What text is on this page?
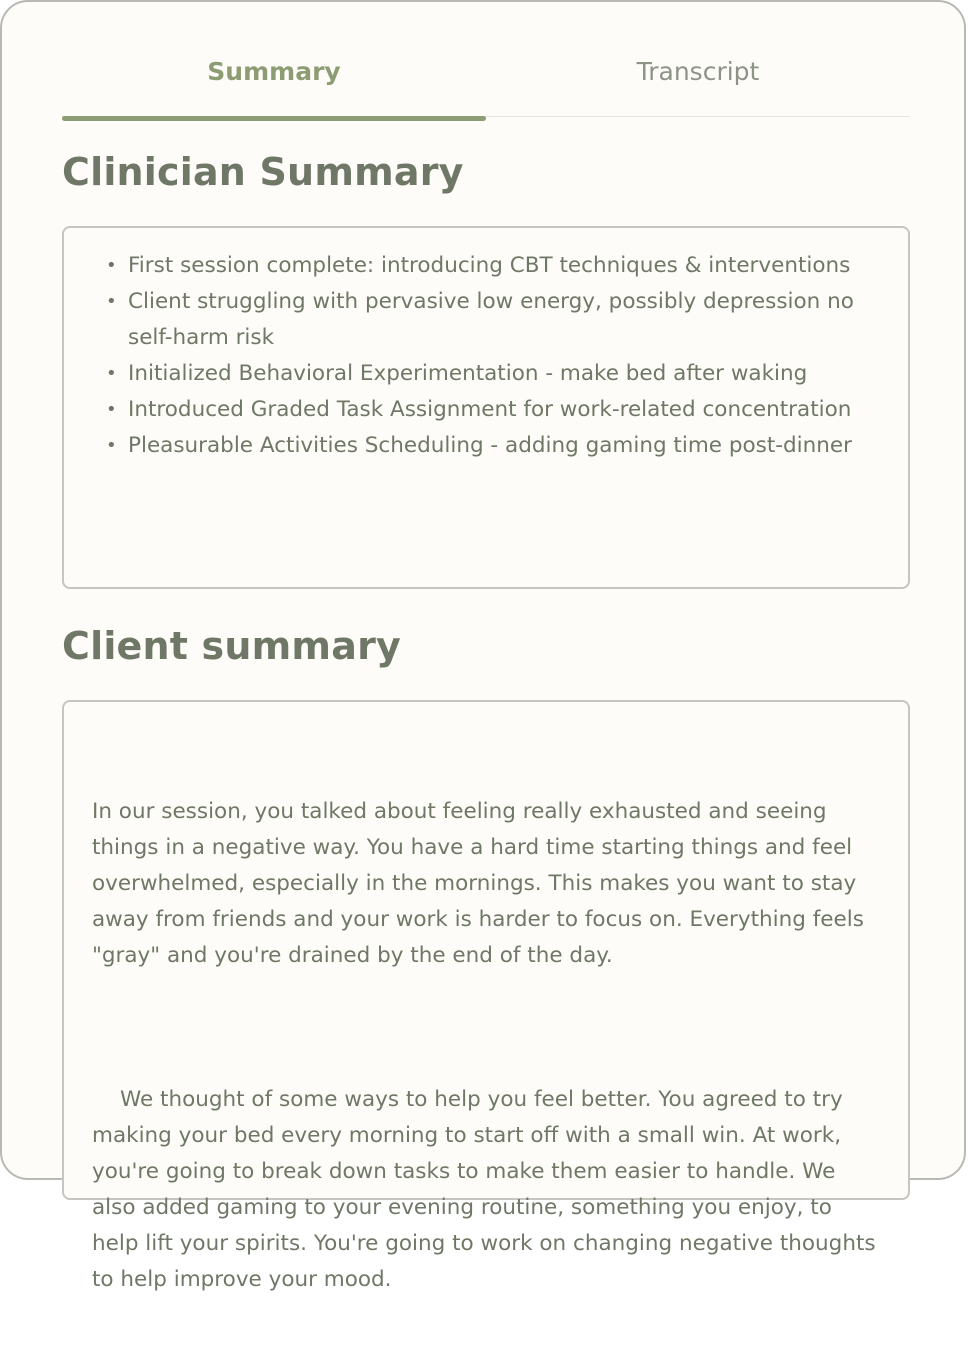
Summary	Transcript
Clinician Summary
• First session complete: introducing CBT techniques & interventions
• Client struggling with pervasive low energy, possibly depression no self-harm risk
• Initialized Behavioral Experimentation - make bed after waking
• Introduced Graded Task Assignment for work-related concentration
• Pleasurable Activities Scheduling - adding gaming time post-dinner
Client summary

In our session, you talked about feeling really exhausted and seeing things in a negative way. You have a hard time starting things and feel overwhelmed, especially in the mornings. This makes you want to stay away from friends and your work is harder to focus on. Everything feels "gray" and you're drained by the end of the day.

We thought of some ways to help you feel better. You agreed to try making your bed every morning to start off with a small win. At work, you're going to break down tasks to make them easier to handle. We also added gaming to your evening routine, something you enjoy, to help lift your spirits. You're going to work on changing negative thoughts to help improve your mood.
